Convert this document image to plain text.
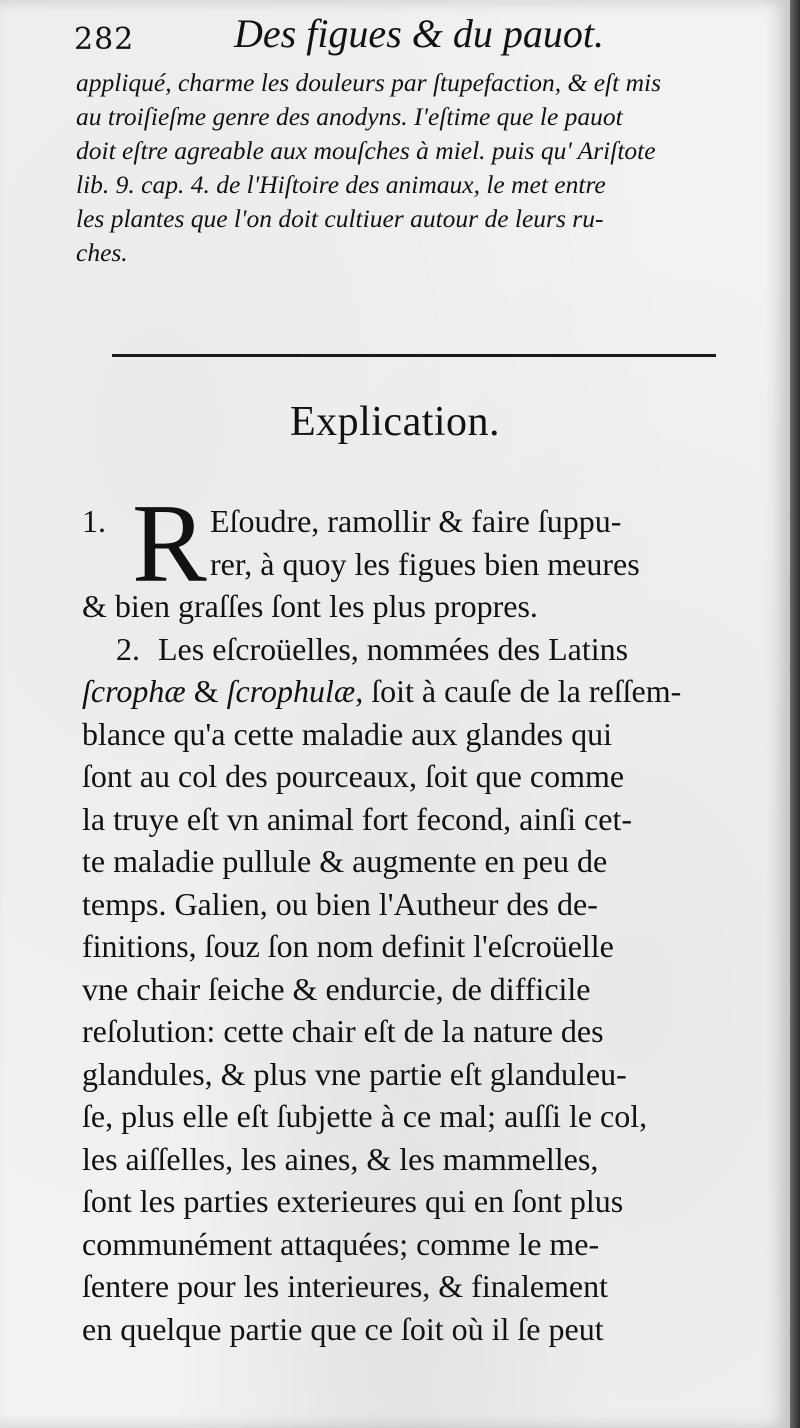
282 Des figues & du pauot.
appliqué, charme les douleurs par ſtupefaction, & eſt mis
au troiſieſme genre des anodyns. I'eſtime que le pauot
doit eſtre agreable aux mouſches à miel. puis qu' Ariſtote
lib. 9. cap. 4. de l'Hiſtoire des animaux, le met entre
les plantes que l'on doit cultiuer autour de leurs ru-
ches.
Explication.
R
1.	Eſoudre, ramollir & faire ſuppu-
rer, à quoy les figues bien meures
& bien graſſes ſont les plus propres.
2. Les eſcroüelles, nommées des Latins
ſcrophæ & ſcrophulæ, ſoit à cauſe de la reſſem-
blance qu'a cette maladie aux glandes qui
ſont au col des pourceaux, ſoit que comme
la truye eſt vn animal fort fecond, ainſi cet-
te maladie pullule & augmente en peu de
temps. Galien, ou bien l'Autheur des de-
finitions, ſouz ſon nom definit l'eſcroüelle
vne chair ſeiche & endurcie, de difficile
reſolution: cette chair eſt de la nature des
glandules, & plus vne partie eſt glanduleu-
ſe, plus elle eſt ſubjette à ce mal; auſſi le col,
les aiſſelles, les aines, & les mammelles,
ſont les parties exterieures qui en ſont plus
communément attaquées; comme le me-
ſentere pour les interieures, & finalement
en quelque partie que ce ſoit où il ſe peut
